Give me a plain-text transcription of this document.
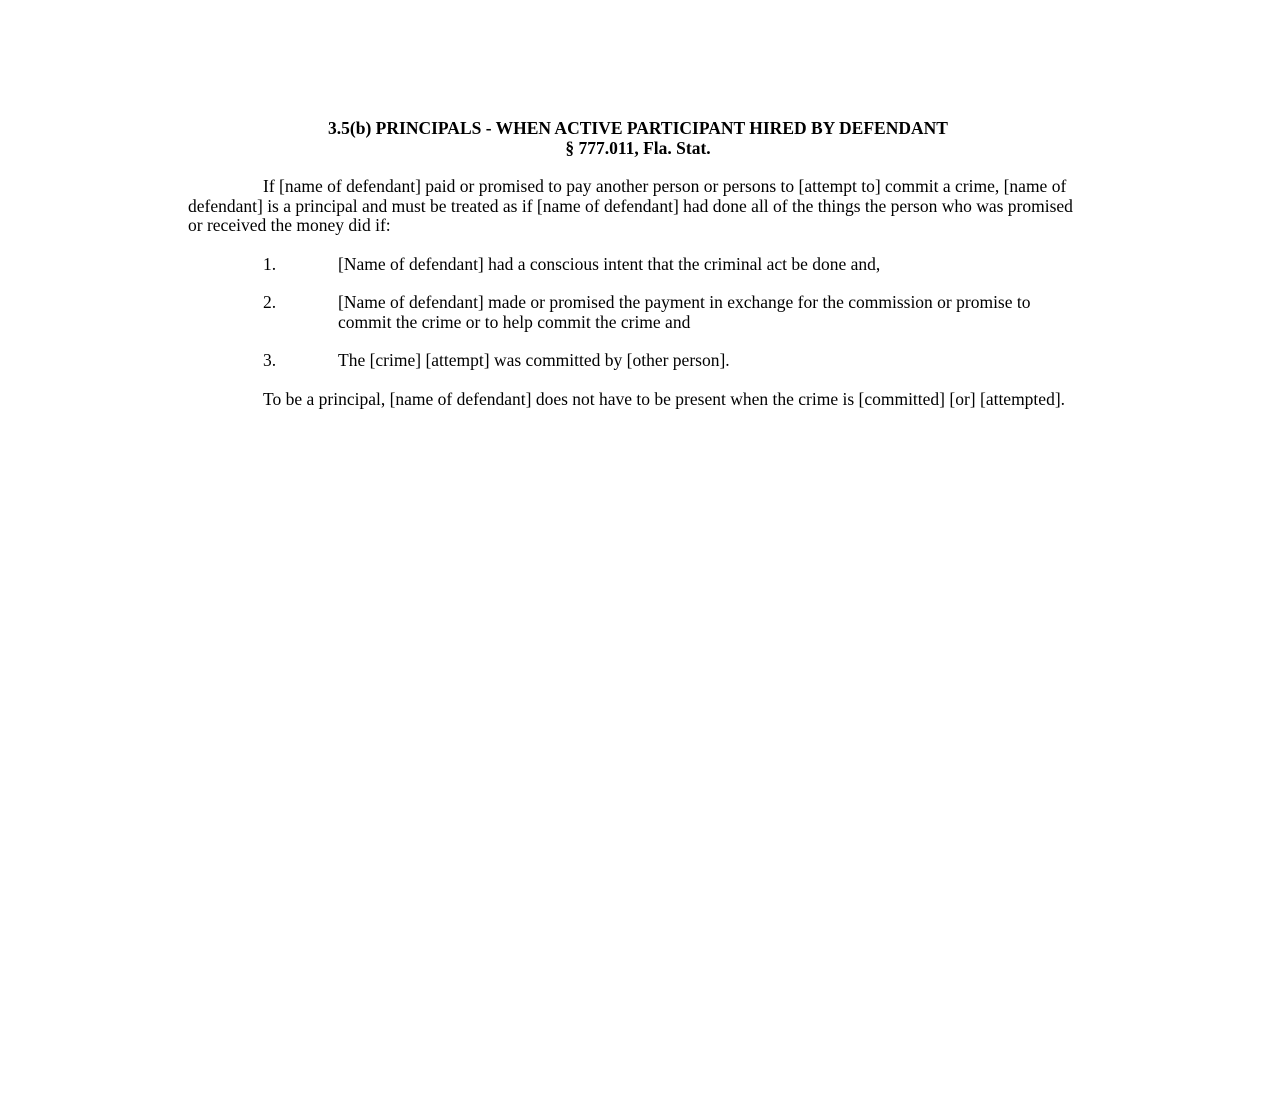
3.5(b) PRINCIPALS - WHEN ACTIVE PARTICIPANT HIRED BY DEFENDANT
§ 777.011, Fla. Stat.

If [name of defendant] paid or promised to pay another person or persons to [attempt to] commit a crime, [name of defendant] is a principal and must be treated as if [name of defendant] had done all of the things the person who was promised or received the money did if:

1.	[Name of defendant] had a conscious intent that the criminal act be done and,
2.	[Name of defendant] made or promised the payment in exchange for the commission or promise to commit the crime or to help commit the crime and
3.	The [crime] [attempt] was committed by [other person].

To be a principal, [name of defendant] does not have to be present when the crime is [committed] [or] [attempted].
